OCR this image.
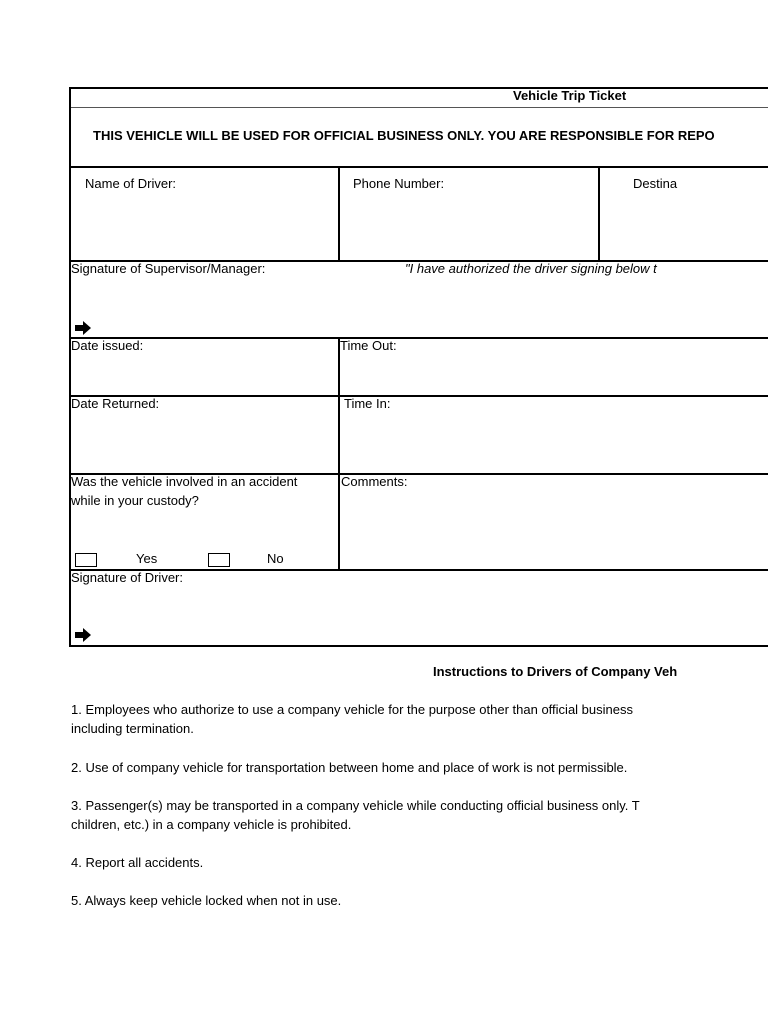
Vehicle Trip Ticket
THIS VEHICLE WILL BE USED FOR OFFICIAL BUSINESS ONLY. YOU ARE RESPONSIBLE FOR REPO
Name of Driver:	Phone Number:	Destina
Signature of Supervisor/Manager:	"I have authorized the driver signing below t
Date issued:	Time Out:
Date Returned:	Time In:
Was the vehicle involved in an accident
while in your custody?
Yes	No
Comments:
Signature of Driver:
Instructions to Drivers of Company Veh
1. Employees who authorize to use a company vehicle for the purpose other than official business
including termination.
2. Use of company vehicle for transportation between home and place of work is not permissible.
3. Passenger(s) may be transported in a company vehicle while conducting official business only. T
children, etc.) in a company vehicle is prohibited.
4. Report all accidents.
5. Always keep vehicle locked when not in use.
